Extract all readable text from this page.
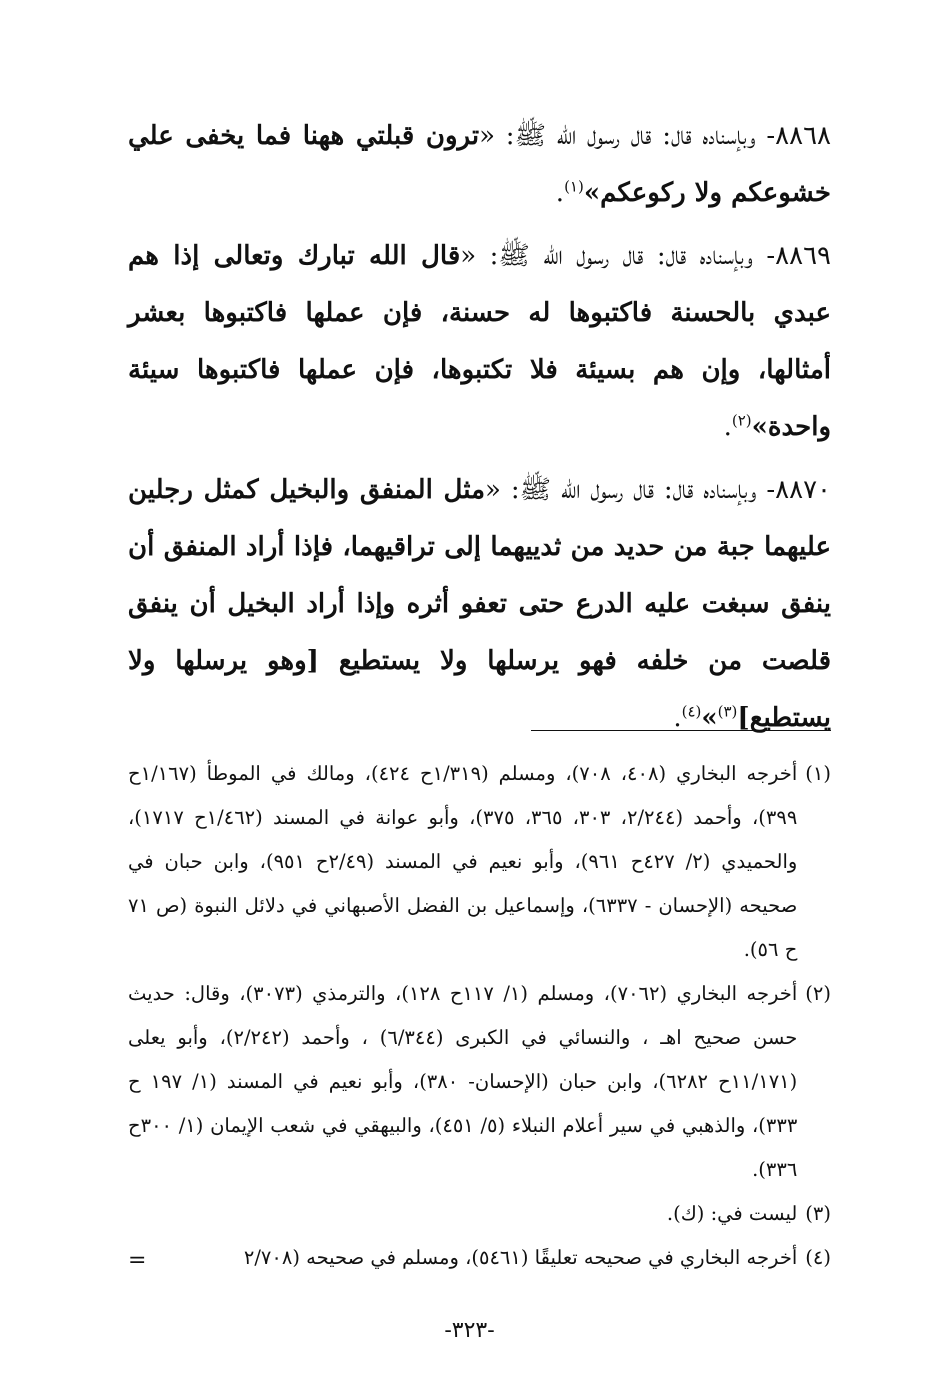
٨٨٦٨- وبإسناده قال: قال رسول الله ﷺ: «ترون قبلتي ههنا فما يخفى علي خشوعكم ولا ركوعكم»$^{(١)}$.

٨٨٦٩- وبإسناده قال: قال رسول الله ﷺ: «قال الله تبارك وتعالى إذا هم عبدي بالحسنة فاكتبوها له حسنة، فإن عملها فاكتبوها بعشر أمثالها، وإن هم بسيئة فلا تكتبوها، فإن عملها فاكتبوها سيئة واحدة»$^{(٢)}$.

٨٨٧٠- وبإسناده قال: قال رسول الله ﷺ: «مثل المنفق والبخيل كمثل رجلين عليهما جبة من حديد من ثدييهما إلى تراقيهما، فإذا أراد المنفق أن ينفق سبغت عليه الدرع حتى تعفو أثره وإذا أراد البخيل أن ينفق قلصت من خلفه فهو يرسلها ولا يستطيع [وهو يرسلها ولا يستطيع]$^{(٣)}$»$^{(٤)}$.

(١)
أخرجه البخاري (٤٠٨، ٧٠٨)، ومسلم (١/٣١٩ح ٤٢٤)، ومالك في الموطأ (١/١٦٧ح ٣٩٩)، وأحمد (٢/٢٤٤، ٣٠٣، ٣٦٥، ٣٧٥)، وأبو عوانة في المسند (١/٤٦٢ح ١٧١٧)، والحميدي (٢/ ٤٢٧ح ٩٦١)، وأبو نعيم في المسند (٢/٤٩ح ٩٥١)، وابن حبان في صحيحه (الإحسان - ٦٣٣٧)، وإسماعيل بن الفضل الأصبهاني في دلائل النبوة (ص ٧١ ح ٥٦).
(٢)
أخرجه البخاري (٧٠٦٢)، ومسلم (١/ ١١٧ح ١٢٨)، والترمذي (٣٠٧٣)، وقال: حديث حسن صحيح اهـ ، والنسائي في الكبرى (٦/٣٤٤) ، وأحمد (٢/٢٤٢)، وأبو يعلى (١١/١٧١ح ٦٢٨٢)، وابن حبان (الإحسان- ٣٨٠)، وأبو نعيم في المسند (١/ ١٩٧ ح ٣٣٣)، والذهبي في سير أعلام النبلاء (٥/ ٤٥١)، والبيهقي في شعب الإيمان (١/ ٣٠٠ح ٣٣٦).
(٣)
ليست في: (ك).
(٤)
أخرجه البخاري في صحيحه تعليقًا (٥٤٦١)، ومسلم في صحيحه (٢/٧٠٨
=
-٣٢٣-
